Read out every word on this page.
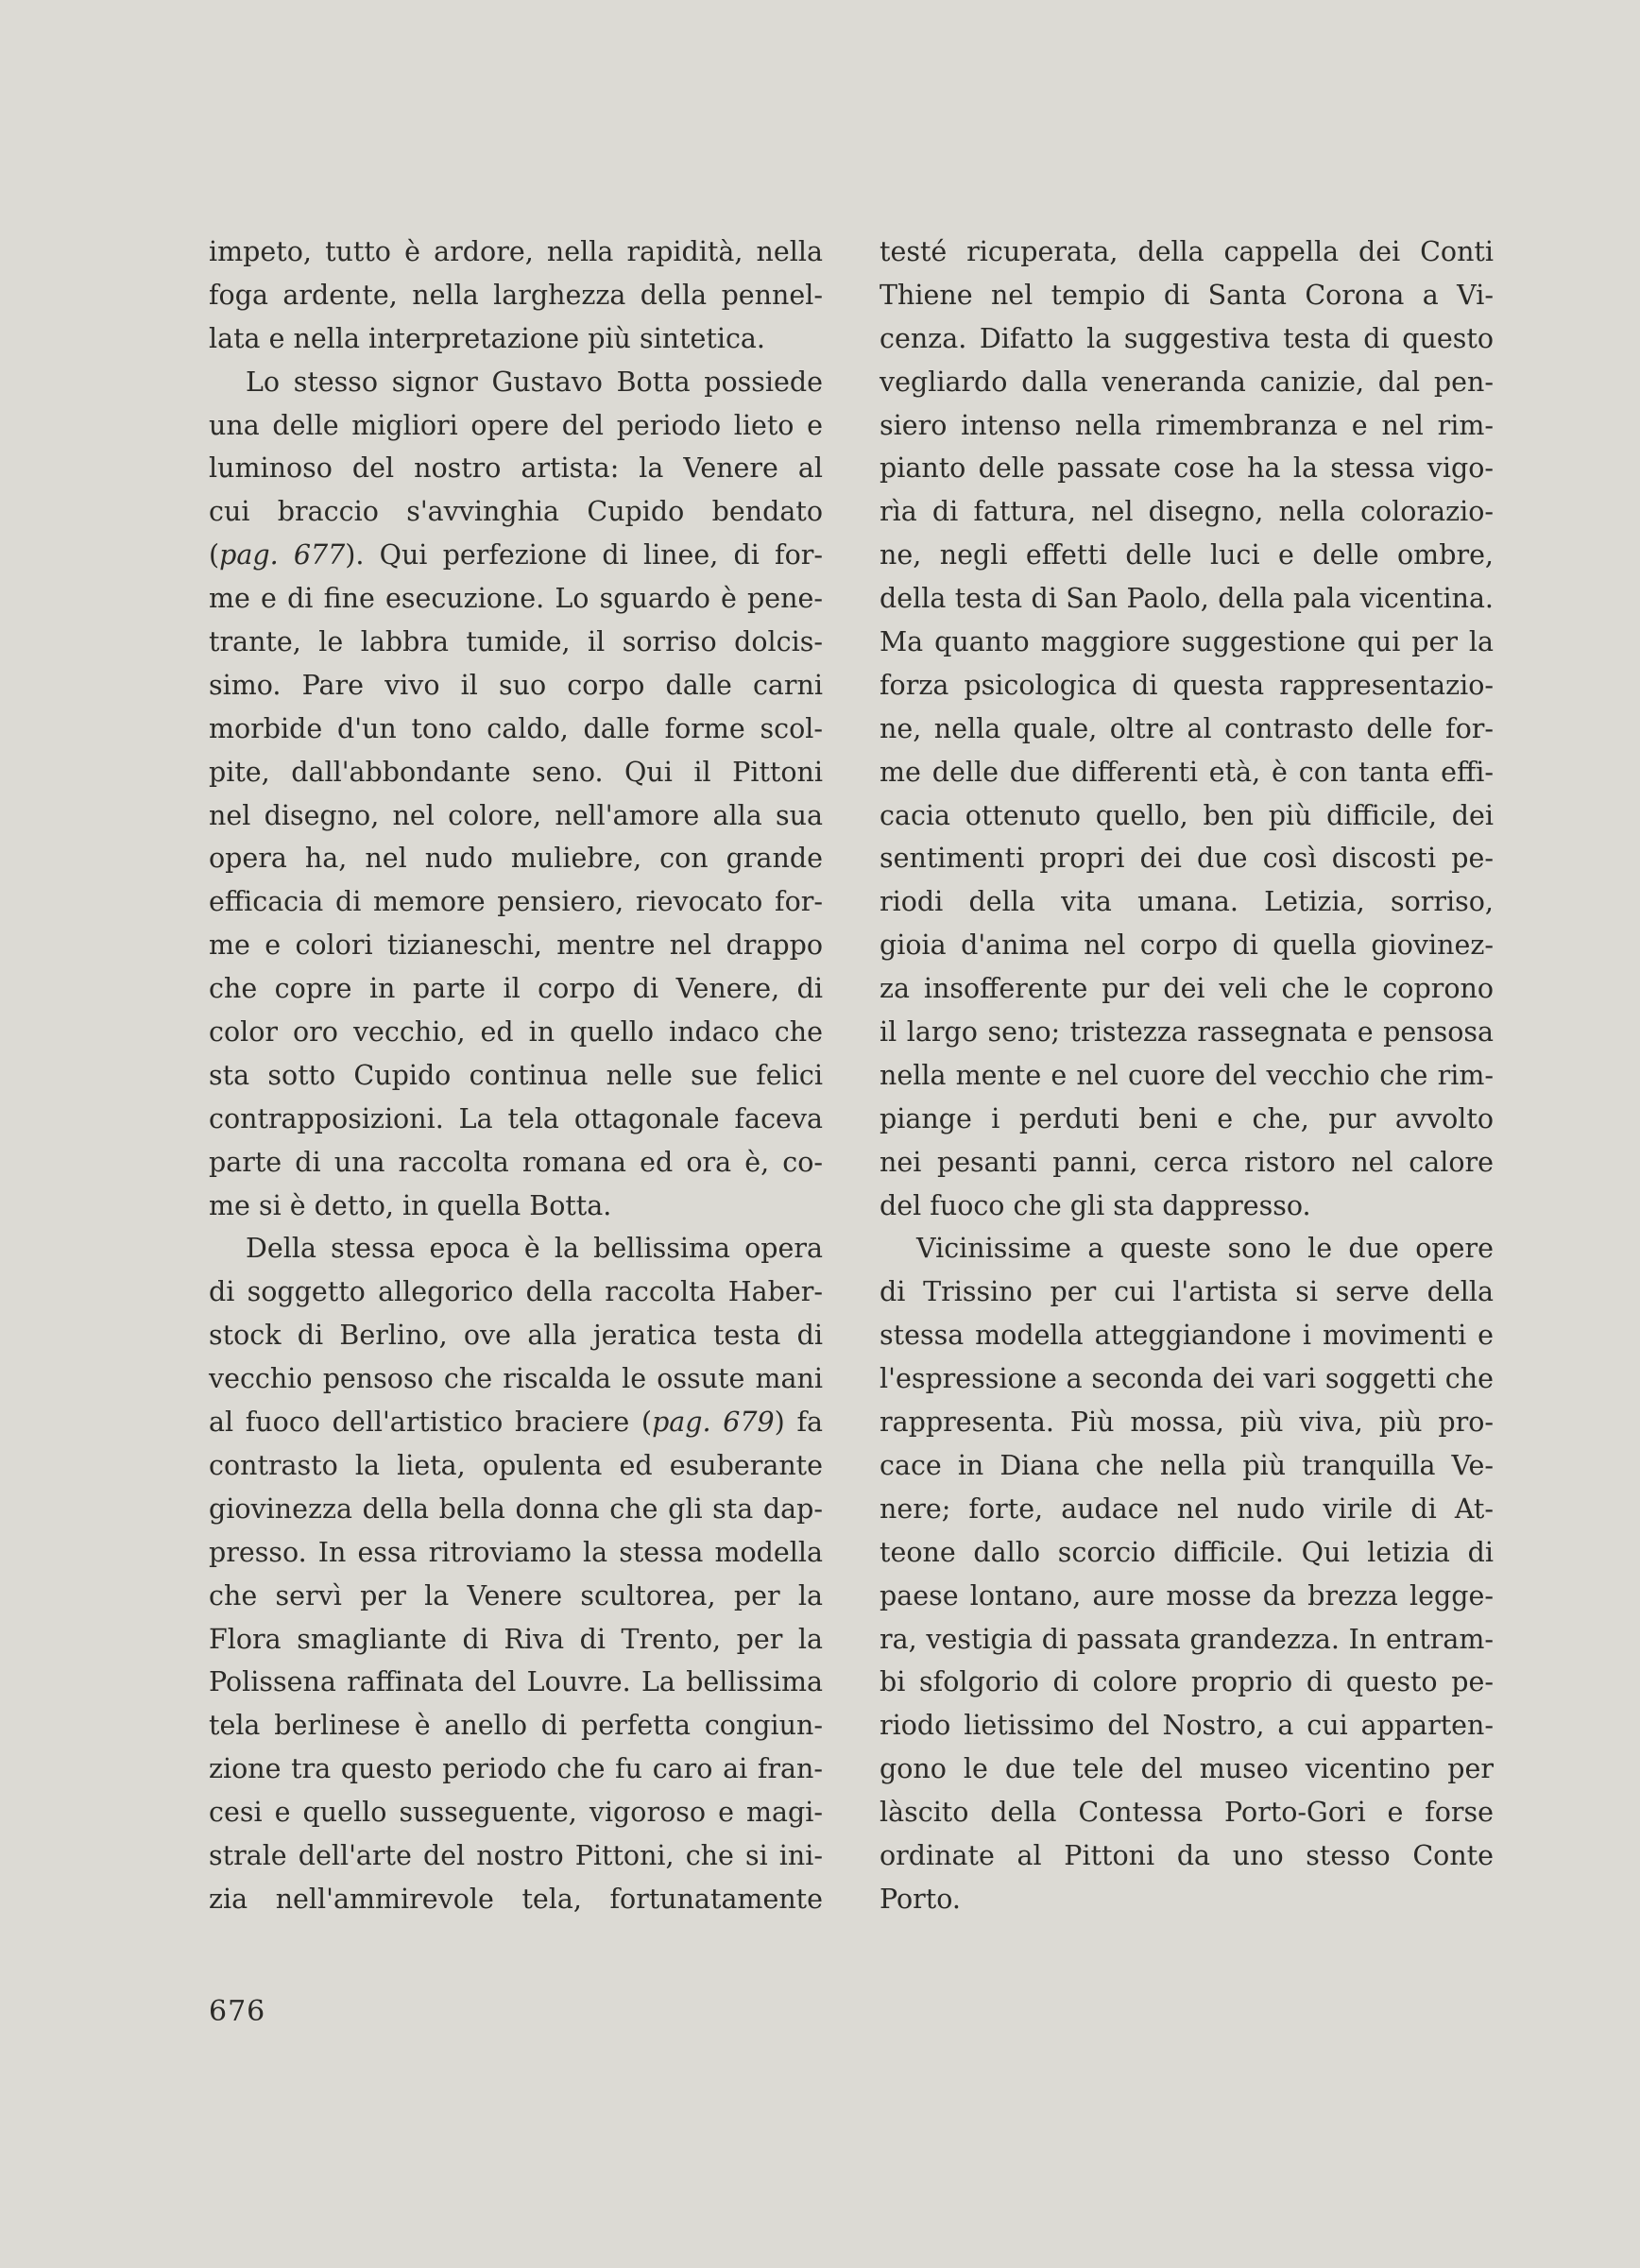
impeto, tutto è ardore, nella rapidità, nella
foga ardente, nella larghezza della pennel-
lata e nella interpretazione più sintetica.
Lo stesso signor Gustavo Botta possiede
una delle migliori opere del periodo lieto e
luminoso del nostro artista: la Venere al
cui braccio s'avvinghia Cupido bendato
(pag. 677). Qui perfezione di linee, di for-
me e di fine esecuzione. Lo sguardo è pene-
trante, le labbra tumide, il sorriso dolcis-
simo. Pare vivo il suo corpo dalle carni
morbide d'un tono caldo, dalle forme scol-
pite, dall'abbondante seno. Qui il Pittoni
nel disegno, nel colore, nell'amore alla sua
opera ha, nel nudo muliebre, con grande
efficacia di memore pensiero, rievocato for-
me e colori tizianeschi, mentre nel drappo
che copre in parte il corpo di Venere, di
color oro vecchio, ed in quello indaco che
sta sotto Cupido continua nelle sue felici
contrapposizioni. La tela ottagonale faceva
parte di una raccolta romana ed ora è, co-
me si è detto, in quella Botta.
Della stessa epoca è la bellissima opera
di soggetto allegorico della raccolta Haber-
stock di Berlino, ove alla jeratica testa di
vecchio pensoso che riscalda le ossute mani
al fuoco dell'artistico braciere (pag. 679) fa
contrasto la lieta, opulenta ed esuberante
giovinezza della bella donna che gli sta dap-
presso. In essa ritroviamo la stessa modella
che servì per la Venere scultorea, per la
Flora smagliante di Riva di Trento, per la
Polissena raffinata del Louvre. La bellissima
tela berlinese è anello di perfetta congiun-
zione tra questo periodo che fu caro ai fran-
cesi e quello susseguente, vigoroso e magi-
strale dell'arte del nostro Pittoni, che si ini-
zia nell'ammirevole tela, fortunatamente
testé ricuperata, della cappella dei Conti
Thiene nel tempio di Santa Corona a Vi-
cenza. Difatto la suggestiva testa di questo
vegliardo dalla veneranda canizie, dal pen-
siero intenso nella rimembranza e nel rim-
pianto delle passate cose ha la stessa vigo-
rìa di fattura, nel disegno, nella colorazio-
ne, negli effetti delle luci e delle ombre,
della testa di San Paolo, della pala vicentina.
Ma quanto maggiore suggestione qui per la
forza psicologica di questa rappresentazio-
ne, nella quale, oltre al contrasto delle for-
me delle due differenti età, è con tanta effi-
cacia ottenuto quello, ben più difficile, dei
sentimenti propri dei due così discosti pe-
riodi della vita umana. Letizia, sorriso,
gioia d'anima nel corpo di quella giovinez-
za insofferente pur dei veli che le coprono
il largo seno; tristezza rassegnata e pensosa
nella mente e nel cuore del vecchio che rim-
piange i perduti beni e che, pur avvolto
nei pesanti panni, cerca ristoro nel calore
del fuoco che gli sta dappresso.
Vicinissime a queste sono le due opere
di Trissino per cui l'artista si serve della
stessa modella atteggiandone i movimenti e
l'espressione a seconda dei vari soggetti che
rappresenta. Più mossa, più viva, più pro-
cace in Diana che nella più tranquilla Ve-
nere; forte, audace nel nudo virile di At-
teone dallo scorcio difficile. Qui letizia di
paese lontano, aure mosse da brezza legge-
ra, vestigia di passata grandezza. In entram-
bi sfolgorio di colore proprio di questo pe-
riodo lietissimo del Nostro, a cui apparten-
gono le due tele del museo vicentino per
làscito della Contessa Porto-Gori e forse
ordinate al Pittoni da uno stesso Conte
Porto.
676
